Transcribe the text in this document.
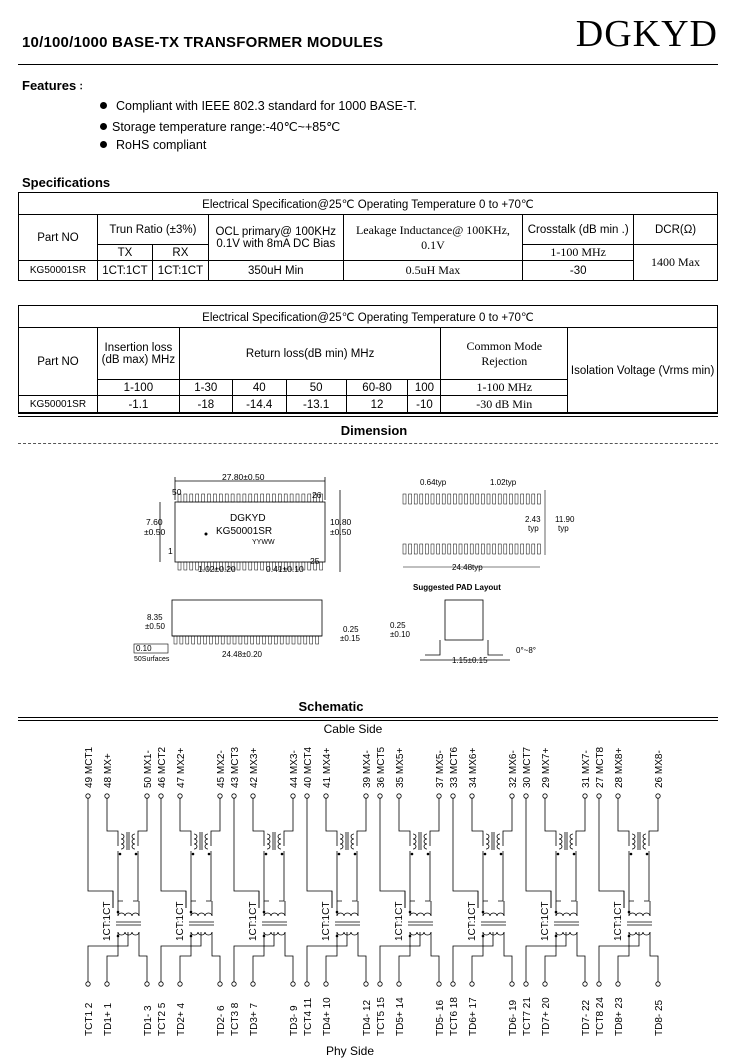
10/100/1000 BASE-TX TRANSFORMER MODULES	DGKYD
Features ∶
Compliant with IEEE 802.3 standard for 1000 BASE-T.
Storage temperature range:-40℃~+85℃
RoHS compliant
Specifications
Electrical Specification@25℃ Operating Temperature 0 to +70℃						
Part NO	Trun Ratio (±3%)		OCL primary@ 100KHz 0.1V with 8mA DC Bias	Leakage Inductance@ 100KHz, 0.1V	Crosstalk (dB min .)	DCR(Ω)
	TX	RX			1-100 MHz	1400 Max
KG50001SR	1CT:1CT	1CT:1CT	350uH Min	0.5uH Max	-30	
Electrical Specification@25℃ Operating Temperature 0 to +70℃								
Part NO	Insertion loss (dB max) MHz	Return loss(dB min) MHz					Common Mode Rejection	Isolation Voltage (Vrms min)
	1-100	1-30	40	50	60-80	100	1-100 MHz	
KG50001SR	-1.1	-18	-14.4	-13.1	12	-10	-30 dB Min	
Dimension
27.80±0.50
50	26
1
25
7.60
±0.50
10.80
±0.50
DGKYD
KG50001SR
YYWW
1.02±0.20	0.41±0.10
0.64typ	1.02typ
2.43
typ
11.90
typ
24.48typ
Suggested PAD Layout
8.35
±0.50	0.25
±0.15
0.10
50Surfaces
24.48±0.20
0.25
±0.10
1.15±0.15
0°~8°
Schematic
Cable Side
Phy Side
49 MCT1 48 MX+	50 MX1-
TCT1 2 TD1+ 1	TD1- 3
1CT:1CT
46 MCT2 47 MX2+	45 MX2-
TCT2 5 TD2+ 4	TD2- 6
1CT:1CT
43 MCT3 42 MX3+	44 MX3-
TCT3 8 TD3+ 7	TD3- 9
1CT:1CT
40 MCT4 41 MX4+	39 MX4-
TCT4 11 TD4+ 10	TD4- 12
1CT:1CT
36 MCT5 35 MX5+	37 MX5-
TCT5 15 TD5+ 14	TD5- 16
1CT:1CT
33 MCT6 34 MX6+	32 MX6-
TCT6 18 TD6+ 17	TD6- 19
1CT:1CT
30 MCT7 29 MX7+	31 MX7-
TCT7 21 TD7+ 20	TD7- 22
1CT:1CT
27 MCT8 28 MX8+	26 MX8-
TCT8 24 TD8+ 23	TD8- 25
1CT:1CT
